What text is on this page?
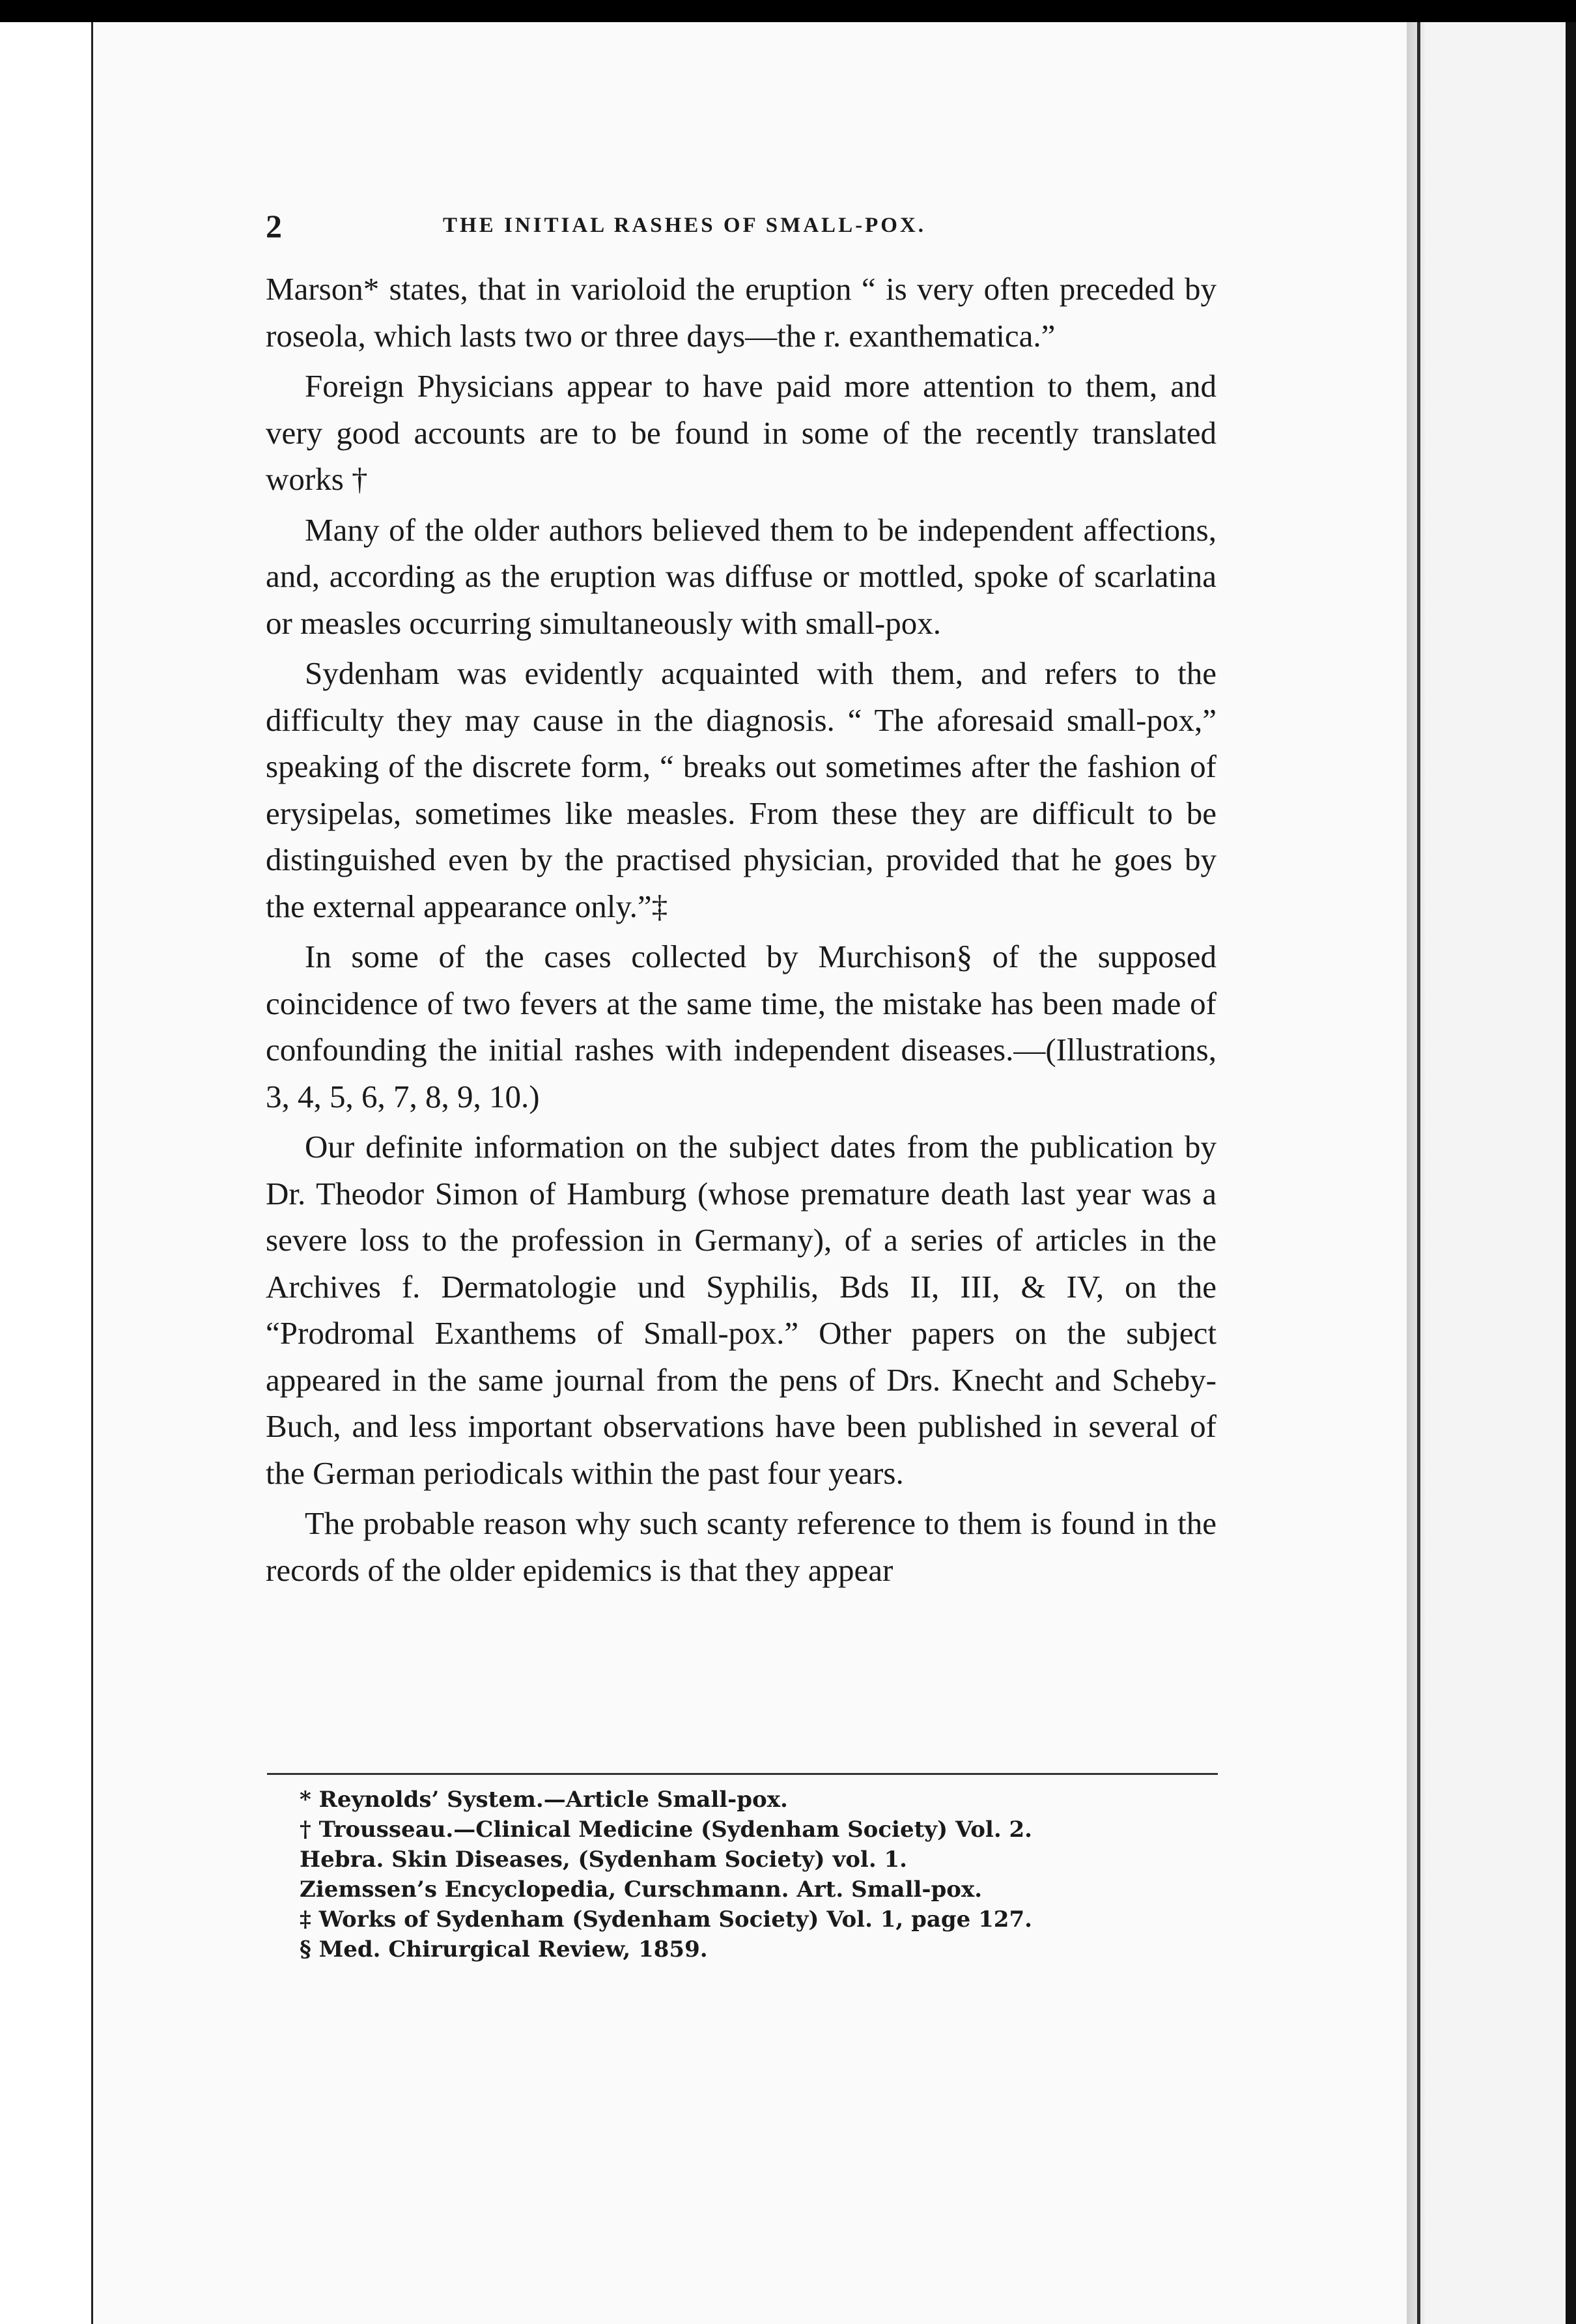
2	THE INITIAL RASHES OF SMALL-POX.

Marson* states, that in varioloid the eruption “ is very often preceded by roseola, which lasts two or three days—the r. exanthematica.”

Foreign Physicians appear to have paid more attention to them, and very good accounts are to be found in some of the recently translated works †

Many of the older authors believed them to be independent affections, and, according as the eruption was diffuse or mottled, spoke of scarlatina or measles occurring simultaneously with small-pox.

Sydenham was evidently acquainted with them, and refers to the difficulty they may cause in the diagnosis. “ The aforesaid small-pox,” speaking of the discrete form, “ breaks out sometimes after the fashion of erysipelas, sometimes like measles. From these they are difficult to be distinguished even by the practised physician, provided that he goes by the external appearance only.”‡

In some of the cases collected by Murchison§ of the supposed coincidence of two fevers at the same time, the mistake has been made of confounding the initial rashes with independent diseases.—(Illustrations, 3, 4, 5, 6, 7, 8, 9, 10.)

Our definite information on the subject dates from the publication by Dr. Theodor Simon of Hamburg (whose premature death last year was a severe loss to the profession in Germany), of a series of articles in the Archives f. Dermatologie und Syphilis, Bds II, III, & IV, on the “Prodromal Exanthems of Small-pox.” Other papers on the subject appeared in the same journal from the pens of Drs. Knecht and Scheby-Buch, and less important observations have been published in several of the German periodicals within the past four years.

The probable reason why such scanty reference to them is found in the records of the older epidemics is that they appear

* Reynolds’ System.—Article Small-pox.

† Trousseau.—Clinical Medicine (Sydenham Society) Vol. 2.

Hebra. Skin Diseases, (Sydenham Society) vol. 1.

Ziemssen’s Encyclopedia, Curschmann. Art. Small-pox.

‡ Works of Sydenham (Sydenham Society) Vol. 1, page 127.

§ Med. Chirurgical Review, 1859.
